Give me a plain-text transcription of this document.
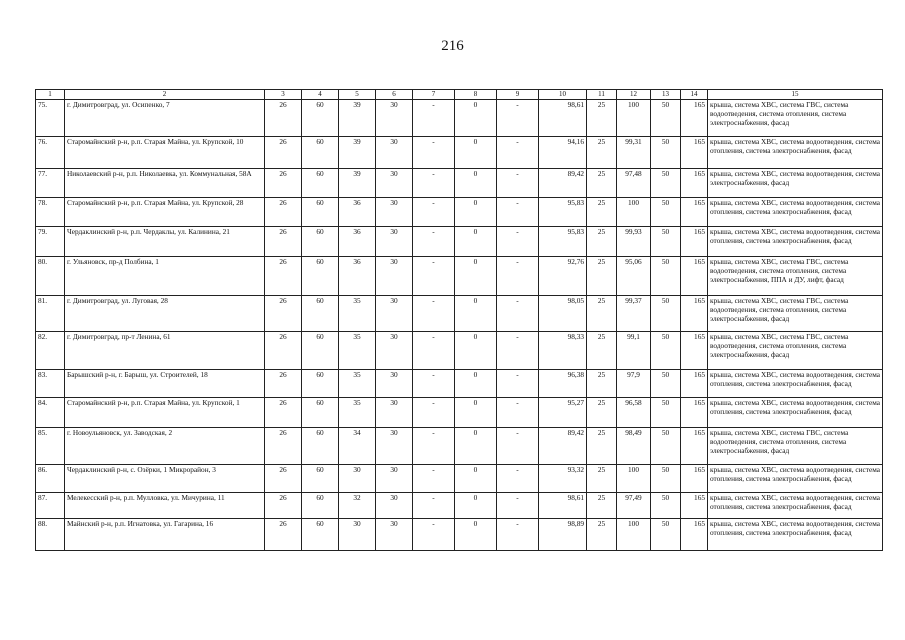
216
1	2	3	4	5	6	7	8	9	10	11	12	13	14	15
75.	г. Димитровград, ул. Осипенко, 7	26	60	39	30	-	0	-	98,61	25	100	50	165	крыша, система ХВС, система ГВС, система водоотведения, система отопления, система электроснабжения, фасад
76.	Старомайнский р-н, р.п. Старая Майна, ул. Крупской, 10	26	60	39	30	-	0	-	94,16	25	99,31	50	165	крыша, система ХВС, система водоотведения, система отопления, система электроснабжения, фасад
77.	Николаевский р-н, р.п. Николаевка, ул. Коммунальная, 58А	26	60	39	30	-	0	-	89,42	25	97,48	50	165	крыша, система ХВС, система водоотведения, система электроснабжения, фасад
78.	Старомайнский р-н, р.п. Старая Майна, ул. Крупской, 28	26	60	36	30	-	0	-	95,83	25	100	50	165	крыша, система ХВС, система водоотведения, система отопления, система электроснабжения, фасад
79.	Чердаклинский р-н, р.п. Чердаклы, ул. Калинина, 21	26	60	36	30	-	0	-	95,83	25	99,93	50	165	крыша, система ХВС, система водоотведения, система отопления, система электроснабжения, фасад
80.	г. Ульяновск, пр-д Полбина, 1	26	60	36	30	-	0	-	92,76	25	95,06	50	165	крыша, система ХВС, система ГВС, система водоотведения, система отопления, система электроснабжения, ППА и ДУ, лифт, фасад
81.	г. Димитровград, ул. Луговая, 28	26	60	35	30	-	0	-	98,05	25	99,37	50	165	крыша, система ХВС, система ГВС, система водоотведения, система отопления, система электроснабжения, фасад
82.	г. Димитровград, пр-т Ленина, 61	26	60	35	30	-	0	-	98,33	25	99,1	50	165	крыша, система ХВС, система ГВС, система водоотведения, система отопления, система электроснабжения, фасад
83.	Барышский р-н, г. Барыш, ул. Строителей, 18	26	60	35	30	-	0	-	96,38	25	97,9	50	165	крыша, система ХВС, система водоотведения, система отопления, система электроснабжения, фасад
84.	Старомайнский р-н, р.п. Старая Майна, ул. Крупской, 1	26	60	35	30	-	0	-	95,27	25	96,58	50	165	крыша, система ХВС, система водоотведения, система отопления, система электроснабжения, фасад
85.	г. Новоульяновск, ул. Заводская, 2	26	60	34	30	-	0	-	89,42	25	98,49	50	165	крыша, система ХВС, система ГВС, система водоотведения, система отопления, система электроснабжения, фасад
86.	Чердаклинский р-н, с. Озёрки, 1 Микрорайон, 3	26	60	30	30	-	0	-	93,32	25	100	50	165	крыша, система ХВС, система водоотведения, система отопления, система электроснабжения, фасад
87.	Мелекесский р-н, р.п. Мулловка, ул. Мичурина, 11	26	60	32	30	-	0	-	98,61	25	97,49	50	165	крыша, система ХВС, система водоотведения, система отопления, система электроснабжения, фасад
88.	Майнский р-н, р.п. Игнатовка, ул. Гагарина, 16	26	60	30	30	-	0	-	98,89	25	100	50	165	крыша, система ХВС, система водоотведения, система отопления, система электроснабжения, фасад
